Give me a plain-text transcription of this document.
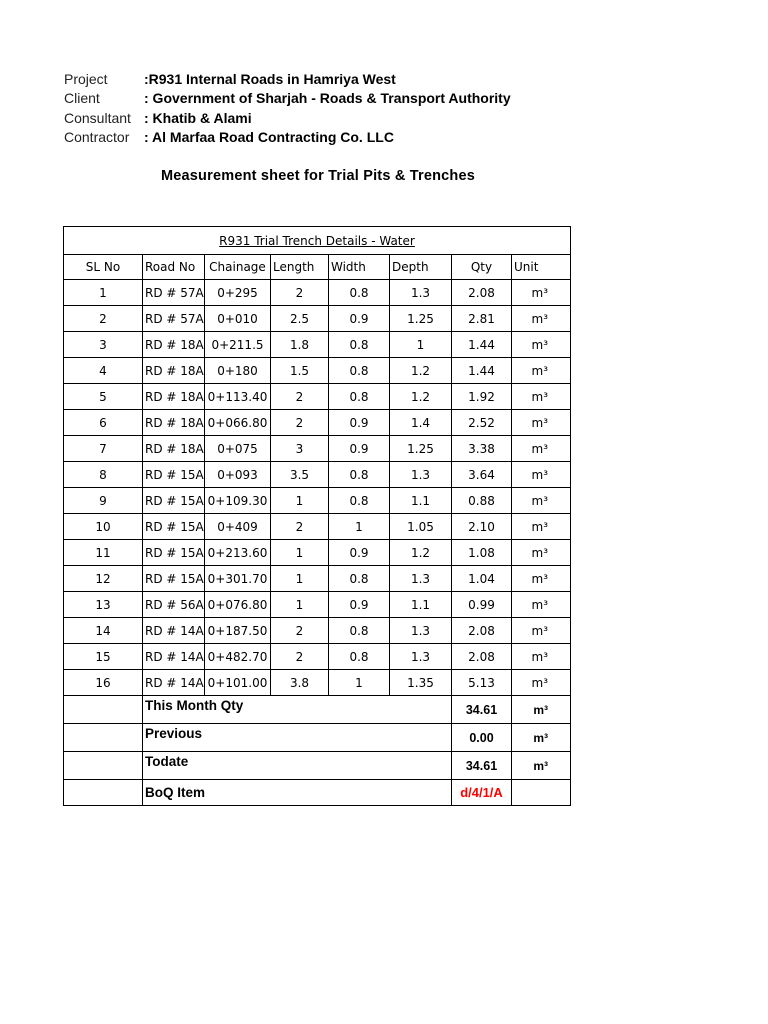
Project	:R931 Internal Roads in Hamriya West
Client	: Government of Sharjah - Roads & Transport Authority
Consultant : Khatib & Alami
Contractor	: Al Marfaa Road Contracting Co. LLC
Measurement sheet for Trial Pits & Trenches
R931 Trial Trench Details - Water							
SL No	Road No	Chainage	Length	Width	Depth	Qty	Unit
1	RD # 57A	0+295	2	0.8	1.3	2.08	m³
2	RD # 57A	0+010	2.5	0.9	1.25	2.81	m³
3	RD # 18A	0+211.5	1.8	0.8	1	1.44	m³
4	RD # 18A	0+180	1.5	0.8	1.2	1.44	m³
5	RD # 18A	0+113.40	2	0.8	1.2	1.92	m³
6	RD # 18A	0+066.80	2	0.9	1.4	2.52	m³
7	RD # 18A	0+075	3	0.9	1.25	3.38	m³
8	RD # 15A	0+093	3.5	0.8	1.3	3.64	m³
9	RD # 15A	0+109.30	1	0.8	1.1	0.88	m³
10	RD # 15A	0+409	2	1	1.05	2.10	m³
11	RD # 15A	0+213.60	1	0.9	1.2	1.08	m³
12	RD # 15A	0+301.70	1	0.8	1.3	1.04	m³
13	RD # 56A	0+076.80	1	0.9	1.1	0.99	m³
14	RD # 14A	0+187.50	2	0.8	1.3	2.08	m³
15	RD # 14A	0+482.70	2	0.8	1.3	2.08	m³
16	RD # 14A	0+101.00	3.8	1	1.35	5.13	m³
	This Month Qty					34.61	m³
	Previous					0.00	m³
	Todate					34.61	m³
	BoQ Item					d/4/1/A	
